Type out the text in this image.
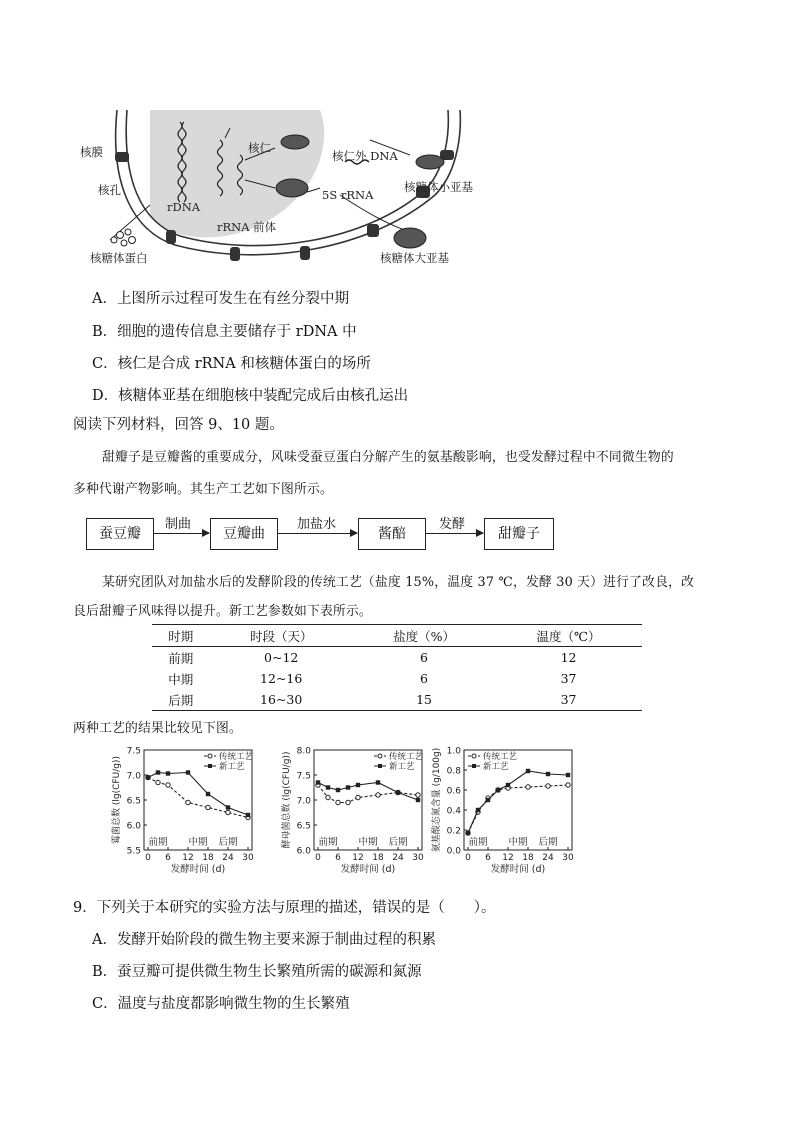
核仁
核膜
核孔
rDNA
rRNA 前体
核仁外 DNA
5S rRNA
核糖体小亚基
核糖体大亚基
核糖体蛋白
A．上图所示过程可发生在有丝分裂中期
B．细胞的遗传信息主要储存于 rDNA 中
C．核仁是合成 rRNA 和核糖体蛋白的场所
D．核糖体亚基在细胞核中装配完成后由核孔运出
阅读下列材料，回答 9、10 题。
甜瓣子是豆瓣酱的重要成分，风味受蚕豆蛋白分解产生的氨基酸影响，也受发酵过程中不同微生物的
多种代谢产物影响。其生产工艺如下图所示。
蚕豆瓣
制曲
豆瓣曲
加盐水
酱醅
发酵
甜瓣子
某研究团队对加盐水后的发酵阶段的传统工艺（盐度 15%，温度 37 ℃，发酵 30 天）进行了改良，改
良后甜瓣子风味得以提升。新工艺参数如下表所示。
时期	时段（天）	盐度（%）	温度（℃）
前期	0~12	6	12
中期	12~16	6	37
后期	16~30	15	37
两种工艺的结果比较见下图。
5.5
6.0
6.5
7.0
7.5
0 6 12 18 24 30
发酵时间 (d)
霉菌总数 (lg(CFU/g))	前期 中期 后期
传统工艺
新工艺
6.0
6.5
7.0
7.5
8.0
0 6 12 18 24 30
发酵时间 (d)
酵母菌总数 (lg(CFU/g))	前期 中期 后期
传统工艺
新工艺
0.0
0.2
0.4
0.6
0.8
1.0
0 6 12 18 24 30
发酵时间 (d)
氨基酸态氮含量 (g/100g)	前期 中期 后期
传统工艺
新工艺
9．下列关于本研究的实验方法与原理的描述，错误的是（　　）。
A．发酵开始阶段的微生物主要来源于制曲过程的积累
B．蚕豆瓣可提供微生物生长繁殖所需的碳源和氮源
C．温度与盐度都影响微生物的生长繁殖
